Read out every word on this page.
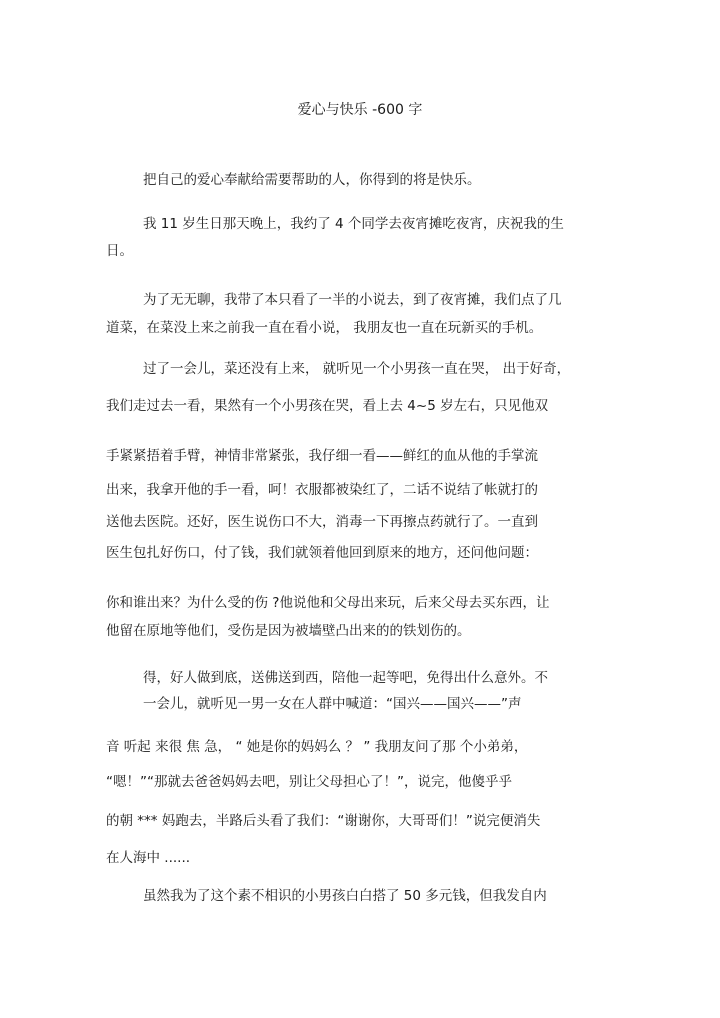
爱心与快乐 -600 字
把自己的爱心奉献给需要帮助的人，你得到的将是快乐。
我 11 岁生日那天晚上，我约了 4 个同学去夜宵摊吃夜宵，庆祝我的生
日。
为了无无聊，我带了本只看了一半的小说去，到了夜宵摊，我们点了几
道菜，在菜没上来之前我一直在看小说， 我朋友也一直在玩新买的手机。
过了一会儿，菜还没有上来， 就听见一个小男孩一直在哭， 出于好奇，
我们走过去一看，果然有一个小男孩在哭，看上去 4~5 岁左右，只见他双
手紧紧捂着手臂，神情非常紧张，我仔细一看——鲜红的血从他的手掌流
出来，我拿开他的手一看，呵！衣服都被染红了，二话不说结了帐就打的
送他去医院。还好，医生说伤口不大，消毒一下再擦点药就行了。一直到
医生包扎好伤口，付了钱，我们就领着他回到原来的地方，还问他问题：
你和谁出来？为什么受的伤 ?他说他和父母出来玩，后来父母去买东西，让
他留在原地等他们，受伤是因为被墙壁凸出来的的铁划伤的。
得，好人做到底，送佛送到西，陪他一起等吧，免得出什么意外。不
一会儿，就听见一男一女在人群中喊道：“国兴——国兴——”声
音 听起 来很 焦 急， “ 她是你的妈妈么 ？ ” 我朋友问了那 个小弟弟，
“嗯！”“那就去爸爸妈妈去吧，别让父母担心了！”，说完，他傻乎乎
的朝 *** 妈跑去，半路后头看了我们：“谢谢你，大哥哥们！”说完便消失
在人海中 ......
虽然我为了这个素不相识的小男孩白白搭了 50 多元钱，但我发自内
